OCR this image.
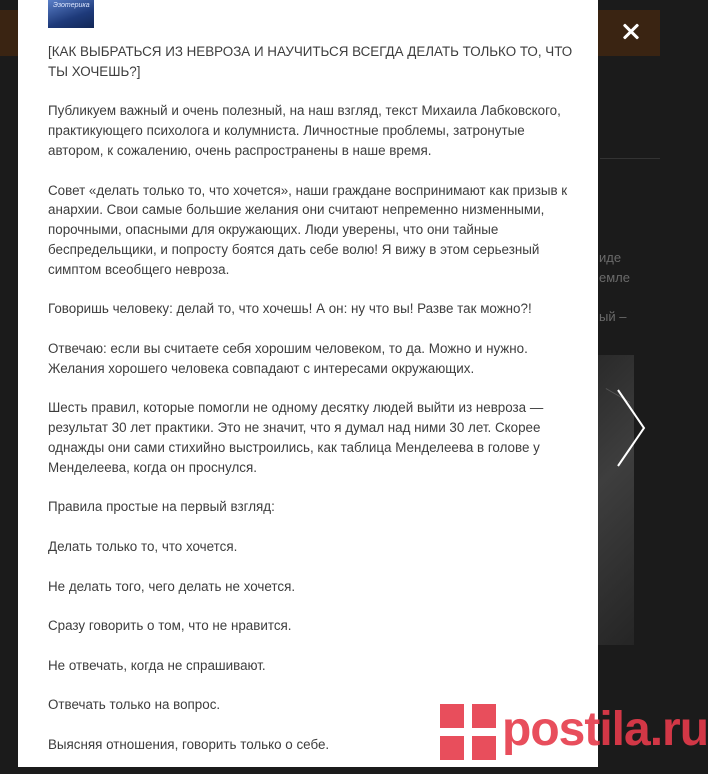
иде
емле
ый –
Эзотерика

[КАК ВЫБРАТЬСЯ ИЗ НЕВРОЗА И НАУЧИТЬСЯ ВСЕГДА ДЕЛАТЬ ТОЛЬКО ТО, ЧТО ТЫ ХОЧЕШЬ?]

Публикуем важный и очень полезный, на наш взгляд, текст Михаила Лабковского, практикующего психолога и колумниста. Личностные проблемы, затронутые автором, к сожалению, очень распространены в наше время.

Совет «делать только то, что хочется», наши граждане воспринимают как призыв к анархии. Свои самые большие желания они считают непременно низменными, порочными, опасными для окружающих. Люди уверены, что они тайные беспредельщики, и попросту боятся дать себе волю! Я вижу в этом серьезный симптом всеобщего невроза.

Говоришь человеку: делай то, что хочешь! А он: ну что вы! Разве так можно?!

Отвечаю: если вы считаете себя хорошим человеком, то да. Можно и нужно. Желания хорошего человека совпадают с интересами окружающих.

Шесть правил, которые помогли не одному десятку людей выйти из невроза — результат 30 лет практики. Это не значит, что я думал над ними 30 лет. Скорее однажды они сами стихийно выстроились, как таблица Менделеева в голове у Менделеева, когда он проснулся.

Правила простые на первый взгляд:

Делать только то, что хочется.

Не делать того, чего делать не хочется.

Сразу говорить о том, что не нравится.

Не отвечать, когда не спрашивают.

Отвечать только на вопрос.

Выясняя отношения, говорить только о себе.	postila.ru
